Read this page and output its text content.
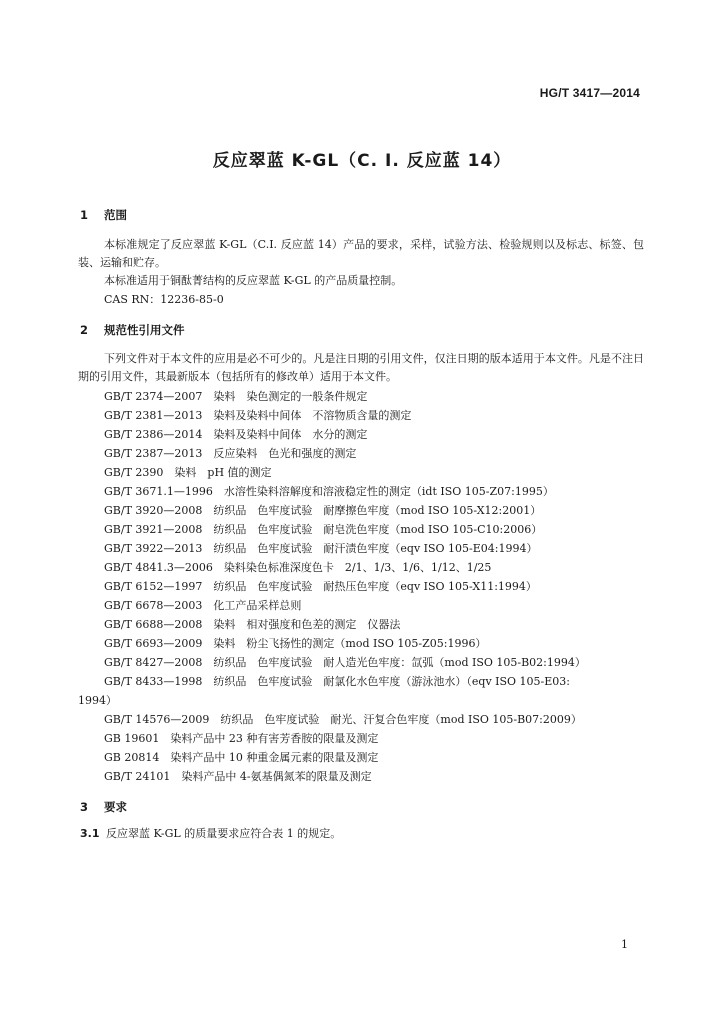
HG/T 3417—2014
反应翠蓝 K-GL（C. I. 反应蓝 14）
1 范围

本标准规定了反应翠蓝 K-GL（C.I. 反应蓝 14）产品的要求，采样，试验方法、检验规则以及标志、标签、包装、运输和贮存。

本标准适用于铜酞菁结构的反应翠蓝 K-GL 的产品质量控制。

CAS RN：12236-85-0
2 规范性引用文件

下列文件对于本文件的应用是必不可少的。凡是注日期的引用文件，仅注日期的版本适用于本文件。凡是不注日期的引用文件，其最新版本（包括所有的修改单）适用于本文件。

GB/T 2374—2007　染料　染色测定的一般条件规定
GB/T 2381—2013　染料及染料中间体　不溶物质含量的测定
GB/T 2386—2014　染料及染料中间体　水分的测定
GB/T 2387—2013　反应染料　色光和强度的测定
GB/T 2390　染料　pH 值的测定
GB/T 3671.1—1996　水溶性染料溶解度和溶液稳定性的测定（idt ISO 105-Z07:1995）
GB/T 3920—2008　纺织品　色牢度试验　耐摩擦色牢度（mod ISO 105-X12:2001）
GB/T 3921—2008　纺织品　色牢度试验　耐皂洗色牢度（mod ISO 105-C10:2006）
GB/T 3922—2013　纺织品　色牢度试验　耐汗渍色牢度（eqv ISO 105-E04:1994）
GB/T 4841.3—2006　染料染色标准深度色卡　2/1、1/3、1/6、1/12、1/25
GB/T 6152—1997　纺织品　色牢度试验　耐热压色牢度（eqv ISO 105-X11:1994）
GB/T 6678—2003　化工产品采样总则
GB/T 6688—2008　染料　相对强度和色差的测定　仪器法
GB/T 6693—2009　染料　粉尘飞扬性的测定（mod ISO 105-Z05:1996）
GB/T 8427—2008　纺织品　色牢度试验　耐人造光色牢度：氙弧（mod ISO 105-B02:1994）
GB/T 8433—1998　纺织品　色牢度试验　耐氯化水色牢度（游泳池水）（eqv ISO 105-E03:
1994）
GB/T 14576—2009　纺织品　色牢度试验　耐光、汗复合色牢度（mod ISO 105-B07:2009）
GB 19601　染料产品中 23 种有害芳香胺的限量及测定
GB 20814　染料产品中 10 种重金属元素的限量及测定
GB/T 24101　染料产品中 4-氨基偶氮苯的限量及测定
3 要求
3.1 反应翠蓝 K-GL 的质量要求应符合表 1 的规定。
1
